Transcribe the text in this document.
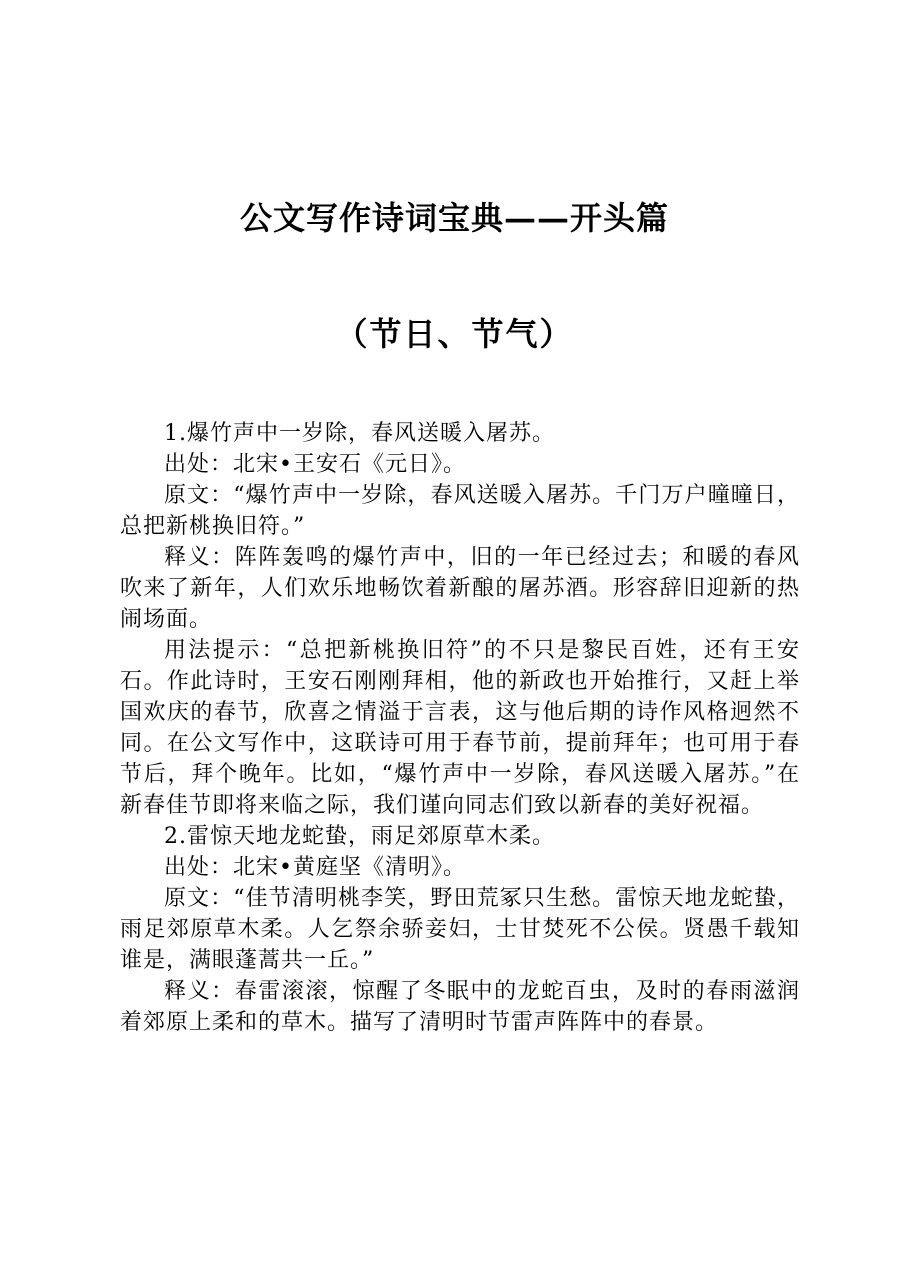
公文写作诗词宝典——开头篇
（节日、节气）

1.爆竹声中一岁除，春风送暖入屠苏。

出处：北宋•王安石《元日》。

原文：“爆竹声中一岁除，春风送暖入屠苏。千门万户曈曈日，总把新桃换旧符。”

释义：阵阵轰鸣的爆竹声中，旧的一年已经过去；和暖的春风吹来了新年，人们欢乐地畅饮着新酿的屠苏酒。形容辞旧迎新的热闹场面。

用法提示：“总把新桃换旧符”的不只是黎民百姓，还有王安石。作此诗时，王安石刚刚拜相，他的新政也开始推行，又赶上举国欢庆的春节，欣喜之情溢于言表，这与他后期的诗作风格迥然不同。在公文写作中，这联诗可用于春节前，提前拜年；也可用于春节后，拜个晚年。比如，“爆竹声中一岁除，春风送暖入屠苏。”在新春佳节即将来临之际，我们谨向同志们致以新春的美好祝福。

2.雷惊天地龙蛇蛰，雨足郊原草木柔。

出处：北宋•黄庭坚《清明》。

原文：“佳节清明桃李笑，野田荒冢只生愁。雷惊天地龙蛇蛰，雨足郊原草木柔。人乞祭余骄妾妇，士甘焚死不公侯。贤愚千载知谁是，满眼蓬蒿共一丘。”

释义：春雷滚滚，惊醒了冬眠中的龙蛇百虫，及时的春雨滋润着郊原上柔和的草木。描写了清明时节雷声阵阵中的春景。
